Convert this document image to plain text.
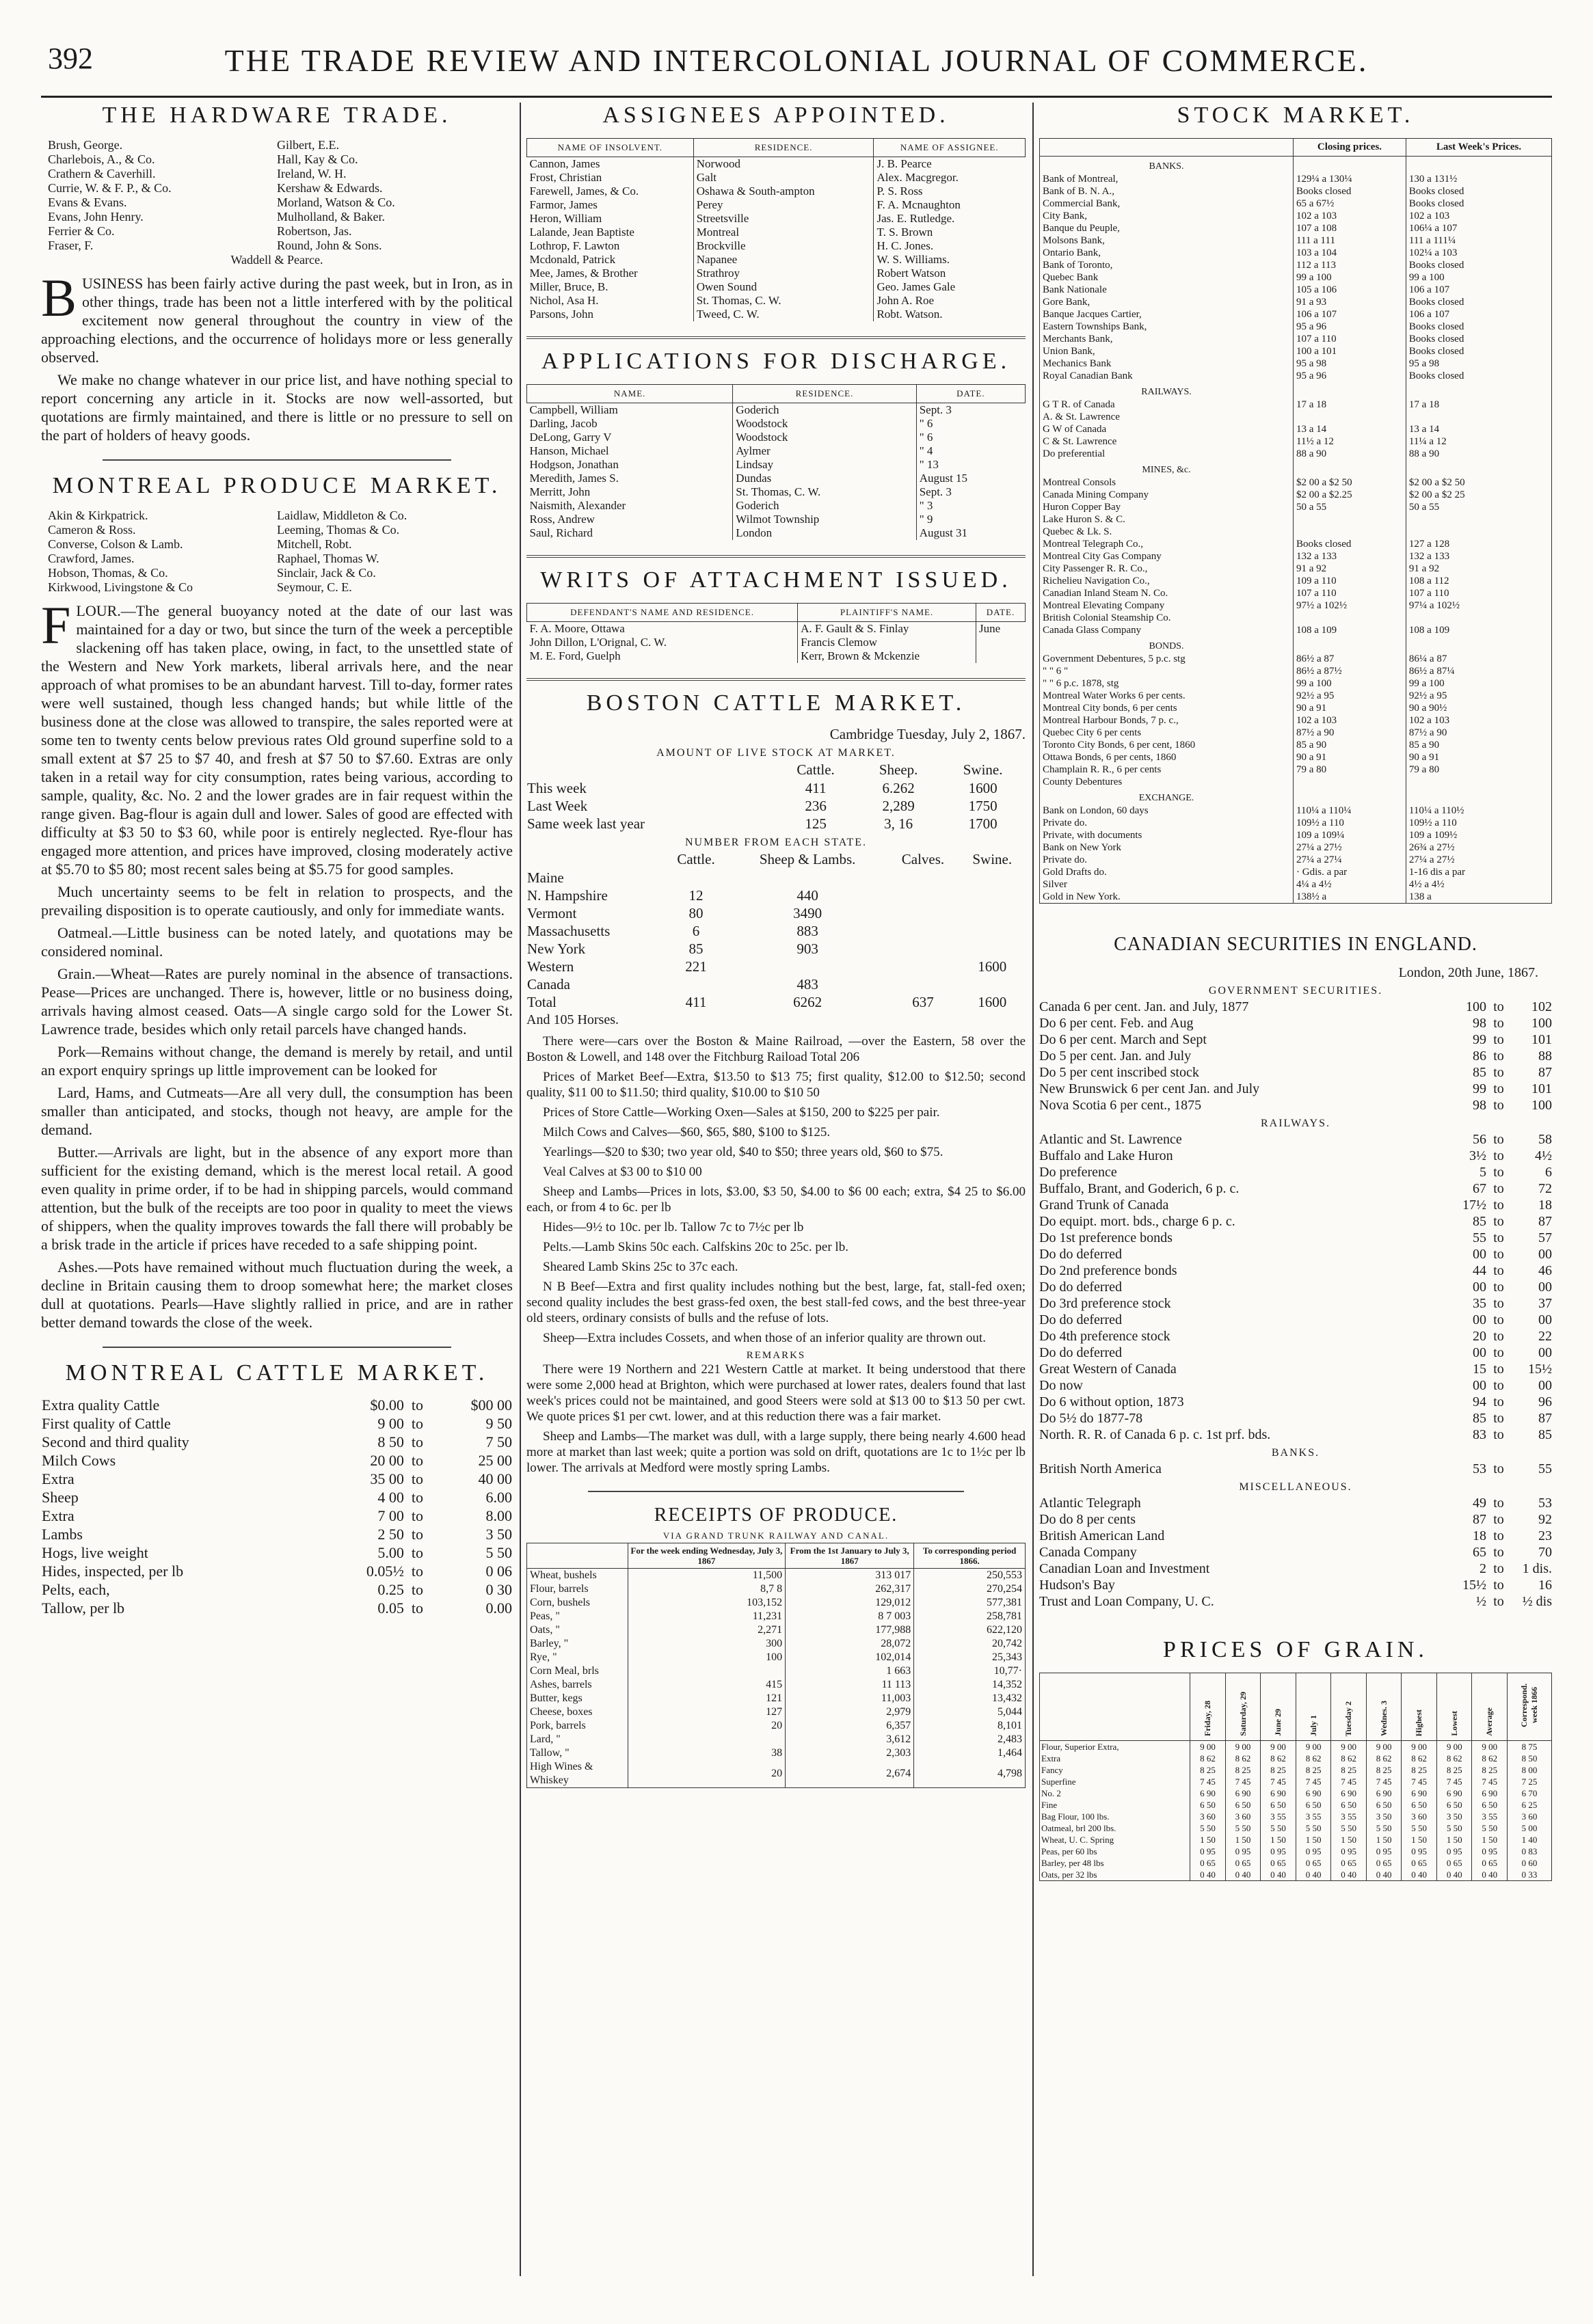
392	THE TRADE REVIEW AND INTERCOLONIAL JOURNAL OF COMMERCE.
THE HARDWARE TRADE.
Brush, George.	Gilbert, E.E.
Charlebois, A., & Co.	Hall, Kay & Co.
Crathern & Caverhill.	Ireland, W. H.
Currie, W. & F. P., & Co.	Kershaw & Edwards.
Evans & Evans.	Morland, Watson & Co.
Evans, John Henry.	Mulholland, & Baker.
Ferrier & Co.	Robertson, Jas.
Fraser, F.	Round, John & Sons.
Waddell & Pearce.

BUSINESS has been fairly active during the past week, but in Iron, as in other things, trade has been not a little interfered with by the political excitement now general throughout the country in view of the approaching elections, and the occurrence of holidays more or less generally observed.

We make no change whatever in our price list, and have nothing special to report concerning any article in it. Stocks are now well-assorted, but quotations are firmly maintained, and there is little or no pressure to sell on the part of holders of heavy goods.

MONTREAL PRODUCE MARKET.
Akin & Kirkpatrick.	Laidlaw, Middleton & Co.
Cameron & Ross.	Leeming, Thomas & Co.
Converse, Colson & Lamb.	Mitchell, Robt.
Crawford, James.	Raphael, Thomas W.
Hobson, Thomas, & Co.	Sinclair, Jack & Co.
Kirkwood, Livingstone & Co	Seymour, C. E.

FLOUR.—The general buoyancy noted at the date of our last was maintained for a day or two, but since the turn of the week a perceptible slackening off has taken place, owing, in fact, to the unsettled state of the Western and New York markets, liberal arrivals here, and the near approach of what promises to be an abundant harvest. Till to-day, former rates were well sustained, though less changed hands; but while little of the business done at the close was allowed to transpire, the sales reported were at some ten to twenty cents below previous rates Old ground superfine sold to a small extent at $7 25 to $7 40, and fresh at $7 50 to $7.60. Extras are only taken in a retail way for city consumption, rates being various, according to sample, quality, &c. No. 2 and the lower grades are in fair request within the range given. Bag-flour is again dull and lower. Sales of good are effected with difficulty at $3 50 to $3 60, while poor is entirely neglected. Rye-flour has engaged more attention, and prices have improved, closing moderately active at $5.70 to $5 80; most recent sales being at $5.75 for good samples.

Much uncertainty seems to be felt in relation to prospects, and the prevailing disposition is to operate cautiously, and only for immediate wants.

Oatmeal.—Little business can be noted lately, and quotations may be considered nominal.

Grain.—Wheat—Rates are purely nominal in the absence of transactions. Pease—Prices are unchanged. There is, however, little or no business doing, arrivals having almost ceased. Oats—A single cargo sold for the Lower St. Lawrence trade, besides which only retail parcels have changed hands.

Pork—Remains without change, the demand is merely by retail, and until an export enquiry springs up little improvement can be looked for

Lard, Hams, and Cutmeats—Are all very dull, the consumption has been smaller than anticipated, and stocks, though not heavy, are ample for the demand.

Butter.—Arrivals are light, but in the absence of any export more than sufficient for the existing demand, which is the merest local retail. A good even quality in prime order, if to be had in shipping parcels, would command attention, but the bulk of the receipts are too poor in quality to meet the views of shippers, when the quality improves towards the fall there will probably be a brisk trade in the article if prices have receded to a safe shipping point.

Ashes.—Pots have remained without much fluctuation during the week, a decline in Britain causing them to droop somewhat here; the market closes dull at quotations. Pearls—Have slightly rallied in price, and are in rather better demand towards the close of the week.

MONTREAL CATTLE MARKET.
Extra quality Cattle	$0.00	to	$00 00
First quality of Cattle	9 00	to	9 50
Second and third quality	8 50	to	7 50
Milch Cows	20 00	to	25 00
Extra	35 00	to	40 00
Sheep	4 00	to	6.00
Extra	7 00	to	8.00
Lambs	2 50	to	3 50
Hogs, live weight	5.00	to	5 50
Hides, inspected, per lb	0.05½	to	0 06
Pelts, each,	0.25	to	0 30
Tallow, per lb	0.05	to	0.00
ASSIGNEES APPOINTED.
NAME OF INSOLVENT.	RESIDENCE.	NAME OF ASSIGNEE.
Cannon, James	Norwood	J. B. Pearce
Frost, Christian	Galt	Alex. Macgregor.
Farewell, James, & Co.	Oshawa & South-ampton	P. S. Ross
Farmor, James	Perey	F. A. Mcnaughton
Heron, William	Streetsville	Jas. E. Rutledge.
Lalande, Jean Baptiste	Montreal	T. S. Brown
Lothrop, F. Lawton	Brockville	H. C. Jones.
Mcdonald, Patrick	Napanee	W. S. Williams.
Mee, James, & Brother	Strathroy	Robert Watson
Miller, Bruce, B.	Owen Sound	Geo. James Gale
Nichol, Asa H.	St. Thomas, C. W.	John A. Roe
Parsons, John	Tweed, C. W.	Robt. Watson.
APPLICATIONS FOR DISCHARGE.
NAME.	RESIDENCE.	DATE.
Campbell, William	Goderich	Sept. 3
Darling, Jacob	Woodstock	" 6
DeLong, Garry V	Woodstock	" 6
Hanson, Michael	Aylmer	" 4
Hodgson, Jonathan	Lindsay	" 13
Meredith, James S.	Dundas	August 15
Merritt, John	St. Thomas, C. W.	Sept. 3
Naismith, Alexander	Goderich	" 3
Ross, Andrew	Wilmot Township	" 9
Saul, Richard	London	August 31
WRITS OF ATTACHMENT ISSUED.
DEFENDANT'S NAME AND RESIDENCE.	PLAINTIFF'S NAME.	DATE.
F. A. Moore, Ottawa	A. F. Gault & S. Finlay	June
John Dillon, L'Orignal, C. W.	Francis Clemow	
M. E. Ford, Guelph	Kerr, Brown & Mckenzie	
BOSTON CATTLE MARKET.
Cambridge Tuesday, July 2, 1867.
AMOUNT OF LIVE STOCK AT MARKET.
	Cattle.	Sheep.	Swine.
This week	411	6.262	1600
Last Week	236	2,289	1750
Same week last year	125	3, 16	1700
NUMBER FROM EACH STATE.
	Cattle.	Sheep & Lambs.	Calves.	Swine.
Maine				
N. Hampshire	12	440		
Vermont	80	3490		
Massachusetts	6	883		
New York	85	903		
Western	221			1600
Canada		483		
Total	411	6262	637	1600

And 105 Horses.

There were—cars over the Boston & Maine Railroad, —over the Eastern, 58 over the Boston & Lowell, and 148 over the Fitchburg Raiload Total 206

Prices of Market Beef—Extra, $13.50 to $13 75; first quality, $12.00 to $12.50; second quality, $11 00 to $11.50; third quality, $10.00 to $10 50

Prices of Store Cattle—Working Oxen—Sales at $150, 200 to $225 per pair.

Milch Cows and Calves—$60, $65, $80, $100 to $125.

Yearlings—$20 to $30; two year old, $40 to $50; three years old, $60 to $75.

Veal Calves at $3 00 to $10 00

Sheep and Lambs—Prices in lots, $3.00, $3 50, $4.00 to $6 00 each; extra, $4 25 to $6.00 each, or from 4 to 6c. per lb

Hides—9½ to 10c. per lb. Tallow 7c to 7½c per lb

Pelts.—Lamb Skins 50c each. Calfskins 20c to 25c. per lb.

Sheared Lamb Skins 25c to 37c each.

N B Beef—Extra and first quality includes nothing but the best, large, fat, stall-fed oxen; second quality includes the best grass-fed oxen, the best stall-fed cows, and the best three-year old steers, ordinary consists of bulls and the refuse of lots.

Sheep—Extra includes Cossets, and when those of an inferior quality are thrown out.

REMARKS

There were 19 Northern and 221 Western Cattle at market. It being understood that there were some 2,000 head at Brighton, which were purchased at lower rates, dealers found that last week's prices could not be maintained, and good Steers were sold at $13 00 to $13 50 per cwt. We quote prices $1 per cwt. lower, and at this reduction there was a fair market.

Sheep and Lambs—The market was dull, with a large supply, there being nearly 4.600 head more at market than last week; quite a portion was sold on drift, quotations are 1c to 1½c per lb lower. The arrivals at Medford were mostly spring Lambs.

RECEIPTS OF PRODUCE.
VIA GRAND TRUNK RAILWAY AND CANAL.
	For the week ending Wednesday, July 3, 1867	From the 1st January to July 3, 1867	To corresponding period 1866.
Wheat, bushels	11,500	313 017	250,553
Flour, barrels	8,7 8	262,317	270,254
Corn, bushels	103,152	129,012	577,381
Peas, "	11,231	8 7 003	258,781
Oats, "	2,271	177,988	622,120
Barley, "	300	28,072	20,742
Rye, "	100	102,014	25,343
Corn Meal, brls		1 663	10,77·
Ashes, barrels	415	11 113	14,352
Butter, kegs	121	11,003	13,432
Cheese, boxes	127	2,979	5,044
Pork, barrels	20	6,357	8,101
Lard, "		3,612	2,483
Tallow, "	38	2,303	1,464
High Wines & Whiskey	20	2,674	4,798
STOCK MARKET.
	Closing prices.	Last Week's Prices.
BANKS.		
Bank of Montreal,	129¼ a 130¼	130 a 131½
Bank of B. N. A.,	Books closed	Books closed
Commercial Bank,	65 a 67½	Books closed
City Bank,	102 a 103	102 a 103
Banque du Peuple,	107 a 108	106¼ a 107
Molsons Bank,	111 a 111	111 a 111¼
Ontario Bank,	103 a 104	102¼ a 103
Bank of Toronto,	112 a 113	Books closed
Quebec Bank	99 a 100	99 a 100
Bank Nationale	105 a 106	106 a 107
Gore Bank,	91 a 93	Books closed
Banque Jacques Cartier,	106 a 107	106 a 107
Eastern Townships Bank,	95 a 96	Books closed
Merchants Bank,	107 a 110	Books closed
Union Bank,	100 a 101	Books closed
Mechanics Bank	95 a 98	95 a 98
Royal Canadian Bank	95 a 96	Books closed
RAILWAYS.		
G T R. of Canada	17 a 18	17 a 18
A. & St. Lawrence		
G W of Canada	13 a 14	13 a 14
C & St. Lawrence	11½ a 12	11¼ a 12
Do preferential	88 a 90	88 a 90
MINES, &c.		
Montreal Consols	$2 00 a $2 50	$2 00 a $2 50
Canada Mining Company	$2 00 a $2.25	$2 00 a $2 25
Huron Copper Bay	50 a 55	50 a 55
Lake Huron S. & C.		
Quebec & Lk. S.		
Montreal Telegraph Co.,	Books closed	127 a 128
Montreal City Gas Company	132 a 133	132 a 133
City Passenger R. R. Co.,	91 a 92	91 a 92
Richelieu Navigation Co.,	109 a 110	108 a 112
Canadian Inland Steam N. Co.	107 a 110	107 a 110
Montreal Elevating Company	97½ a 102½	97¼ a 102½
British Colonial Steamship Co.		
Canada Glass Company	108 a 109	108 a 109
BONDS.		
Government Debentures, 5 p.c. stg	86½ a 87	86¼ a 87
" " 6 "	86½ a 87½	86½ a 87¼
" " 6 p.c. 1878, stg	99 a 100	99 a 100
Montreal Water Works 6 per cents.	92½ a 95	92½ a 95
Montreal City bonds, 6 per cents	90 a 91	90 a 90½
Montreal Harbour Bonds, 7 p. c.,	102 a 103	102 a 103
Quebec City 6 per cents	87½ a 90	87½ a 90
Toronto City Bonds, 6 per cent, 1860	85 a 90	85 a 90
Ottawa Bonds, 6 per cents, 1860	90 a 91	90 a 91
Champlain R. R., 6 per cents	79 a 80	79 a 80
County Debentures		
EXCHANGE.		
Bank on London, 60 days	110¼ a 110¼	110¼ a 110½
Private do.	109½ a 110	109½ a 110
Private, with documents	109 a 109¼	109 a 109½
Bank on New York	27¼ a 27½	26¾ a 27½
Private do.	27¼ a 27¼	27¼ a 27½
Gold Drafts do.	· Gdis. a par	1-16 dis a par
Silver	4¼ a 4½	4½ a 4½
Gold in New York.	138½ a	138 a
CANADIAN SECURITIES IN ENGLAND.
London, 20th June, 1867.
GOVERNMENT SECURITIES.
Canada 6 per cent. Jan. and July, 1877	100	to	102
Do 6 per cent. Feb. and Aug	98	to	100
Do 6 per cent. March and Sept	99	to	101
Do 5 per cent. Jan. and July	86	to	88
Do 5 per cent inscribed stock	85	to	87
New Brunswick 6 per cent Jan. and July	99	to	101
Nova Scotia 6 per cent., 1875	98	to	100
RAILWAYS.
Atlantic and St. Lawrence	56	to	58
Buffalo and Lake Huron	3½	to	4½
Do preference	5	to	6
Buffalo, Brant, and Goderich, 6 p. c.	67	to	72
Grand Trunk of Canada	17½	to	18
Do equipt. mort. bds., charge 6 p. c.	85	to	87
Do 1st preference bonds	55	to	57
Do do deferred	00	to	00
Do 2nd preference bonds	44	to	46
Do do deferred	00	to	00
Do 3rd preference stock	35	to	37
Do do deferred	00	to	00
Do 4th preference stock	20	to	22
Do do deferred	00	to	00
Great Western of Canada	15	to	15½
Do now	00	to	00
Do 6 without option, 1873	94	to	96
Do 5½ do 1877-78	85	to	87
North. R. R. of Canada 6 p. c. 1st prf. bds.	83	to	85
BANKS.
British North America	53	to	55
MISCELLANEOUS.
Atlantic Telegraph	49	to	53
Do do 8 per cents	87	to	92
British American Land	18	to	23
Canada Company	65	to	70
Canadian Loan and Investment	2	to	1 dis.
Hudson's Bay	15½	to	16
Trust and Loan Company, U. C.	½	to	½ dis
PRICES OF GRAIN.
	Friday, 28	Saturday, 29	June 29	July 1	Tuesday 2	Wednes. 3	Highest	Lowest	Average	Correspond. week 1866
Flour, Superior Extra,	9 00	9 00	9 00	9 00	9 00	9 00	9 00	9 00	9 00	8 75
Extra	8 62	8 62	8 62	8 62	8 62	8 62	8 62	8 62	8 62	8 50
Fancy	8 25	8 25	8 25	8 25	8 25	8 25	8 25	8 25	8 25	8 00
Superfine	7 45	7 45	7 45	7 45	7 45	7 45	7 45	7 45	7 45	7 25
No. 2	6 90	6 90	6 90	6 90	6 90	6 90	6 90	6 90	6 90	6 70
Fine	6 50	6 50	6 50	6 50	6 50	6 50	6 50	6 50	6 50	6 25
Bag Flour, 100 lbs.	3 60	3 60	3 55	3 55	3 55	3 50	3 60	3 50	3 55	3 60
Oatmeal, brl 200 lbs.	5 50	5 50	5 50	5 50	5 50	5 50	5 50	5 50	5 50	5 00
Wheat, U. C. Spring	1 50	1 50	1 50	1 50	1 50	1 50	1 50	1 50	1 50	1 40
Peas, per 60 lbs	0 95	0 95	0 95	0 95	0 95	0 95	0 95	0 95	0 95	0 83
Barley, per 48 lbs	0 65	0 65	0 65	0 65	0 65	0 65	0 65	0 65	0 65	0 60
Oats, per 32 lbs	0 40	0 40	0 40	0 40	0 40	0 40	0 40	0 40	0 40	0 33
